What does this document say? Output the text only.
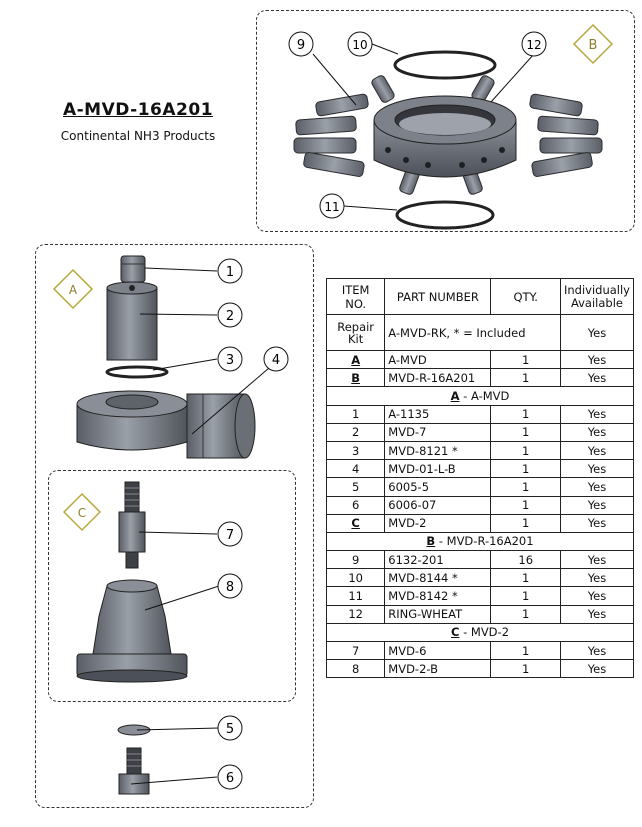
A-MVD-16A201
Continental NH3 Products
9	10
11
12	B
1
2
3	4
7
8
5
6
A
C
ITEM NO.	PART NUMBER	QTY.	Individually Available
Repair Kit	A-MVD-RK, * = Included		Yes
A	A-MVD	1	Yes
B	MVD-R-16A201	1	Yes
A - A-MVD			
1	A-1135	1	Yes
2	MVD-7	1	Yes
3	MVD-8121 *	1	Yes
4	MVD-01-L-B	1	Yes
5	6005-5	1	Yes
6	6006-07	1	Yes
C	MVD-2	1	Yes
B - MVD-R-16A201			
9	6132-201	16	Yes
10	MVD-8144 *	1	Yes
11	MVD-8142 *	1	Yes
12	RING-WHEAT	1	Yes
C - MVD-2			
7	MVD-6	1	Yes
8	MVD-2-B	1	Yes
